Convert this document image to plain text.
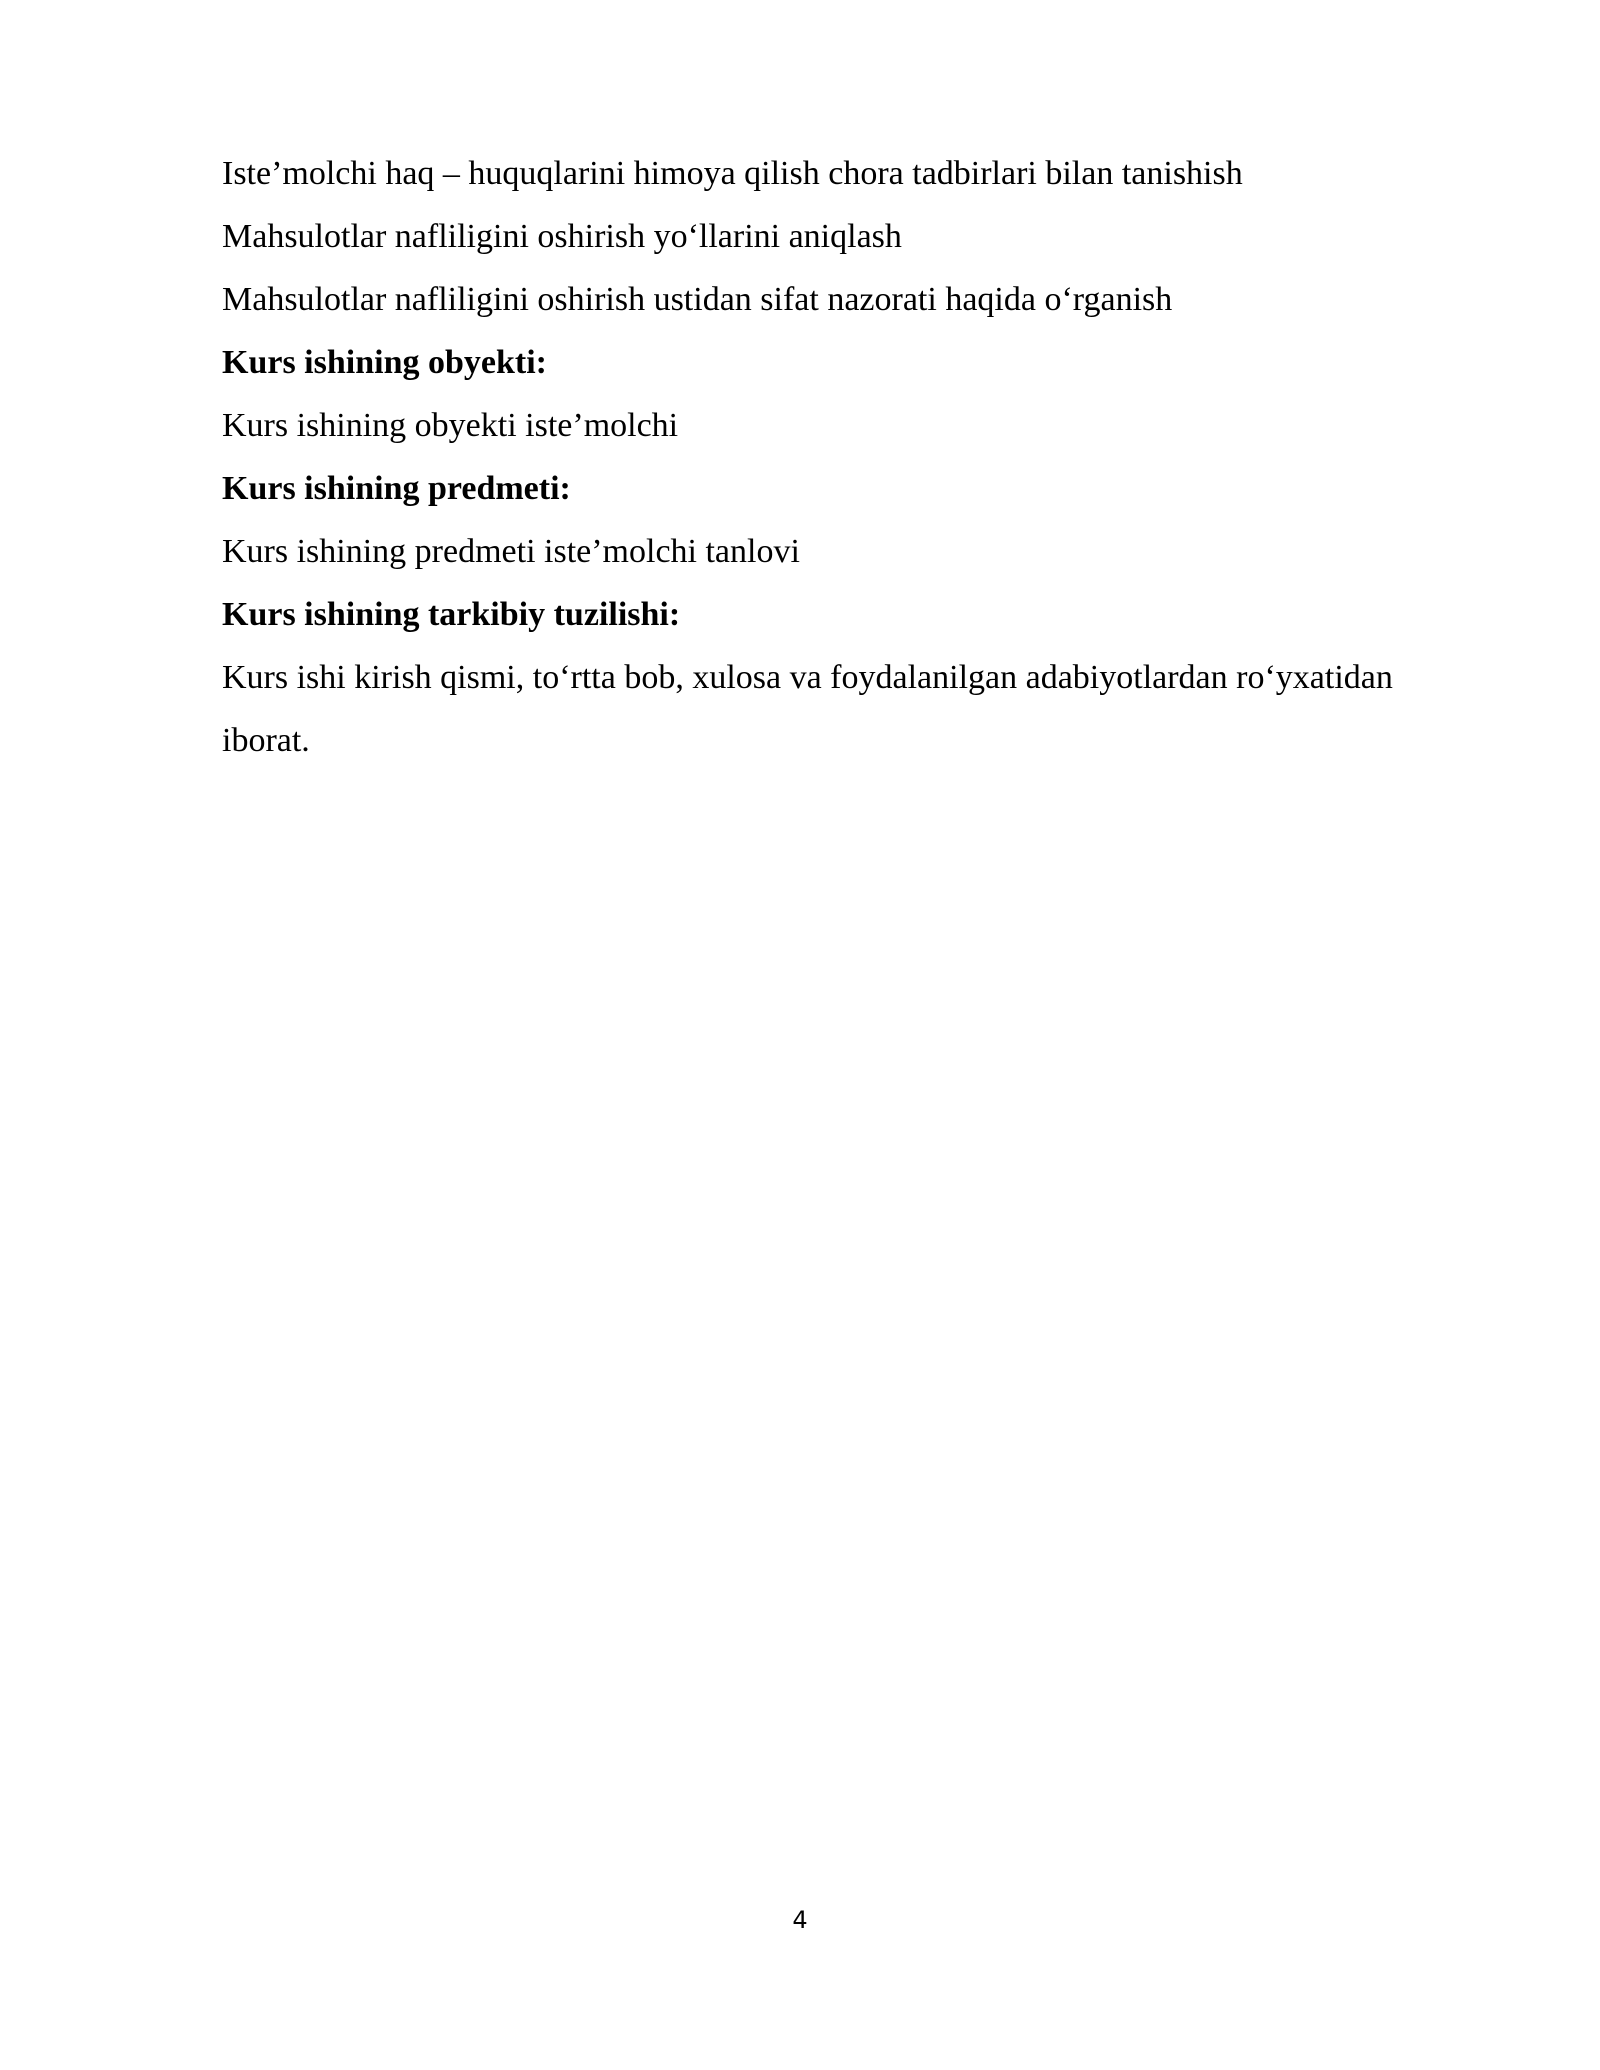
Iste’molchi haq – huquqlarini himoya qilish chora tadbirlari bilan tanishish
Mahsulotlar nafliligini oshirish yo‘llarini aniqlash
Mahsulotlar nafliligini oshirish ustidan sifat nazorati haqida o‘rganish
Kurs ishining obyekti:
Kurs ishining obyekti iste’molchi
Kurs ishining predmeti:
Kurs ishining predmeti iste’molchi tanlovi
Kurs ishining tarkibiy tuzilishi:
Kurs ishi kirish qismi, to‘rtta bob, xulosa va foydalanilgan adabiyotlardan ro‘yxatidan
iborat.
4
